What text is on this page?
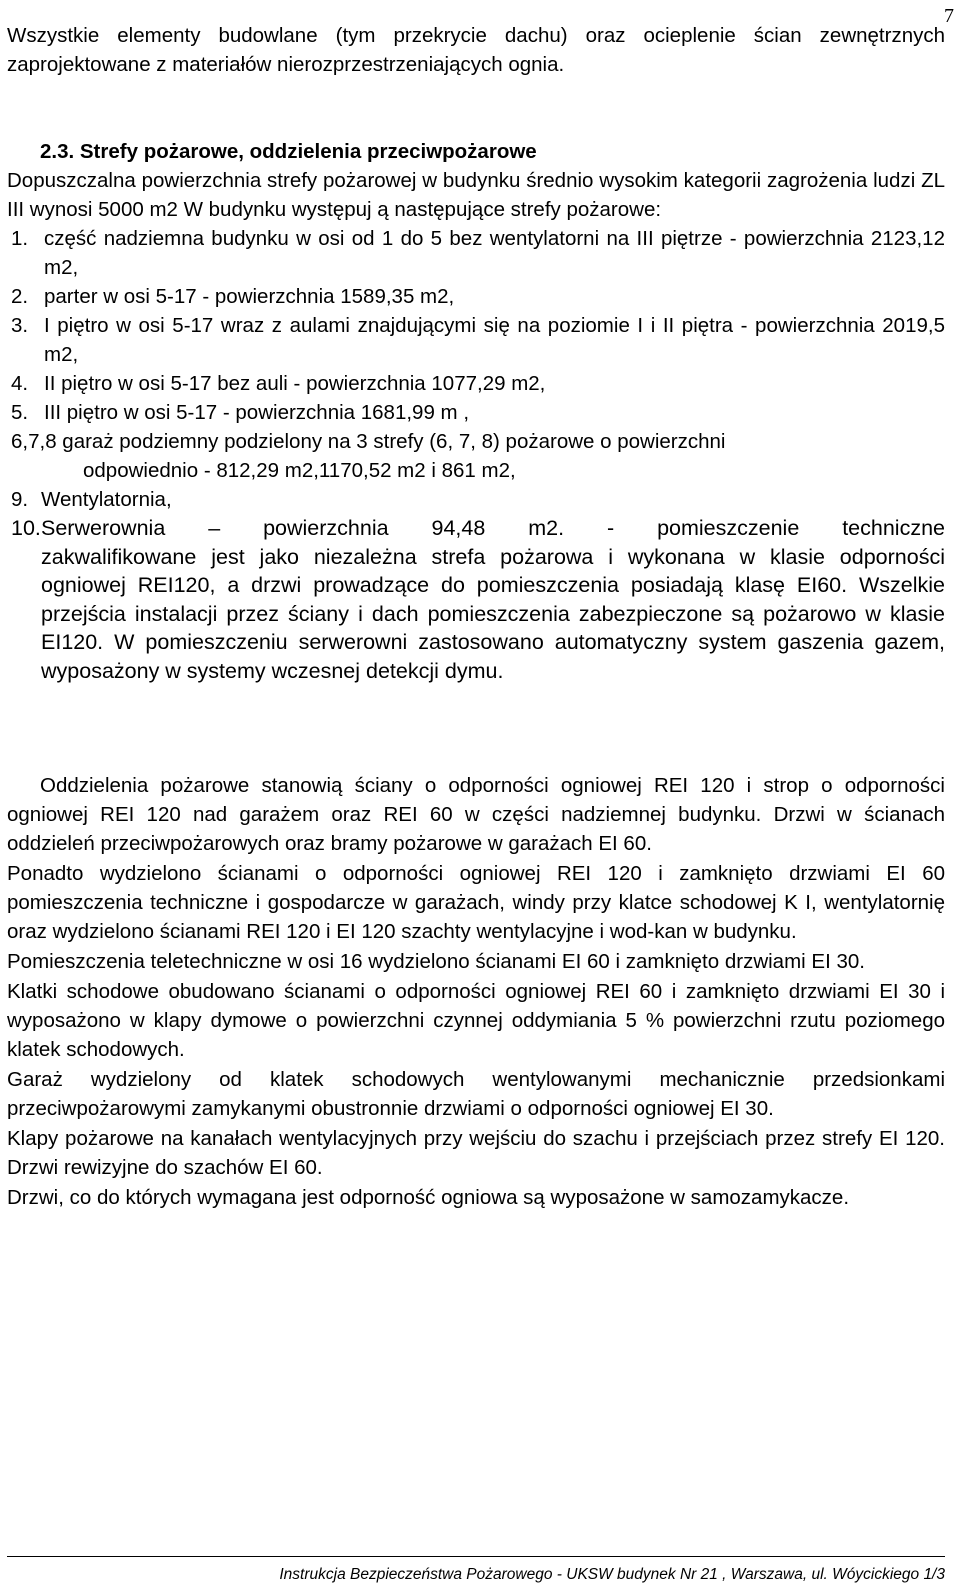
7

Wszystkie elementy budowlane (tym przekrycie dachu) oraz ocieplenie ścian zewnętrznych zaprojektowane z materiałów nierozprzestrzeniających ognia.

2.3. Strefy pożarowe, oddzielenia przeciwpożarowe

Dopuszczalna powierzchnia strefy pożarowej w budynku średnio wysokim kategorii zagrożenia ludzi ZL III wynosi 5000 m2 W budynku występuj ą następujące strefy pożarowe:

1. część nadziemna budynku w osi od 1 do 5 bez wentylatorni na III piętrze - powierzchnia 2123,12 m2,
2. parter w osi 5-17 - powierzchnia 1589,35 m2,
3. I piętro w osi 5-17 wraz z aulami znajdującymi się na poziomie I i II piętra - powierzchnia 2019,5 m2,
4. II piętro w osi 5-17 bez auli - powierzchnia 1077,29 m2,
5. III piętro w osi 5-17 - powierzchnia 1681,99 m ,

6,7,8 garaż podziemny podzielony na 3 strefy (6, 7, 8) pożarowe o powierzchni

odpowiednio - 812,29 m2,1170,52 m2 i 861 m2,

9. Wentylatornia,
10. Serwerownia – powierzchnia 94,48 m2. - pomieszczenie techniczne

zakwalifikowane jest jako niezależna strefa pożarowa i wykonana w klasie odporności ogniowej REI120, a drzwi prowadzące do pomieszczenia posiadają klasę EI60. Wszelkie przejścia instalacji przez ściany i dach pomieszczenia zabezpieczone są pożarowo w klasie EI120. W pomieszczeniu serwerowni zastosowano automatyczny system gaszenia gazem, wyposażony w systemy wczesnej detekcji dymu.

Oddzielenia pożarowe stanowią ściany o odporności ogniowej REI 120 i strop o odporności ogniowej REI 120 nad garażem oraz REI 60 w części nadziemnej budynku. Drzwi w ścianach oddzieleń przeciwpożarowych oraz bramy pożarowe w garażach EI 60.

Ponadto wydzielono ścianami o odporności ogniowej REI 120 i zamknięto drzwiami EI 60 pomieszczenia techniczne i gospodarcze w garażach, windy przy klatce schodowej K I, wentylatornię oraz wydzielono ścianami REI 120 i EI 120 szachty wentylacyjne i wod-kan w budynku.

Pomieszczenia teletechniczne w osi 16 wydzielono ścianami EI 60 i zamknięto drzwiami EI 30.

Klatki schodowe obudowano ścianami o odporności ogniowej REI 60 i zamknięto drzwiami EI 30 i wyposażono w klapy dymowe o powierzchni czynnej oddymiania 5 % powierzchni rzutu poziomego klatek schodowych.

Garaż wydzielony od klatek schodowych wentylowanymi mechanicznie przedsionkami przeciwpożarowymi zamykanymi obustronnie drzwiami o odporności ogniowej EI 30.

Klapy pożarowe na kanałach wentylacyjnych przy wejściu do szachu i przejściach przez strefy EI 120. Drzwi rewizyjne do szachów EI 60.

Drzwi, co do których wymagana jest odporność ogniowa są wyposażone w samozamykacze.

Instrukcja Bezpieczeństwa Pożarowego - UKSW budynek Nr 21 , Warszawa, ul. Wóycickiego 1/3
